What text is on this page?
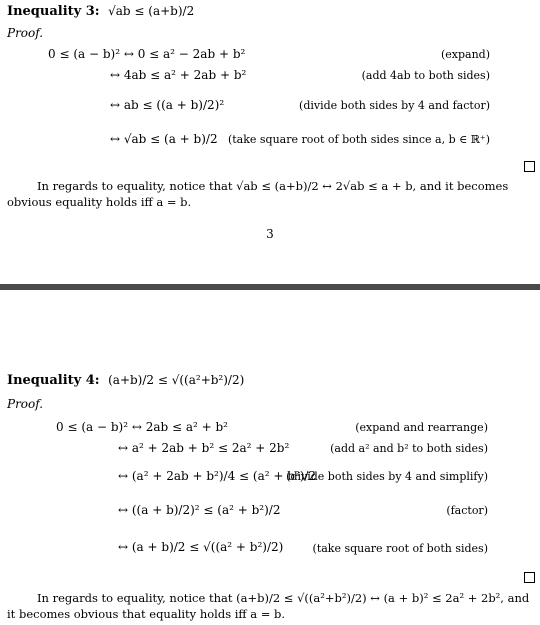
Inequality 3: √ab ≤ (a+b)/2
Proof.
0 ≤ (a − b)² ↔ 0 ≤ a² − 2ab + b²
↔ 4ab ≤ a² + 2ab + b²
↔ ab ≤ ((a + b)/2)²
↔ √ab ≤ (a + b)/2
(expand)
(add 4ab to both sides)
(divide both sides by 4 and factor)
(take square root of both sides since a, b ∈ ℝ⁺)
In regards to equality, notice that √ab ≤ (a+b)/2 ↔ 2√ab ≤ a + b, and it becomes obvious equality holds iff a = b.
3
Inequality 4: (a+b)/2 ≤ √((a²+b²)/2)
Proof.
0 ≤ (a − b)² ↔ 2ab ≤ a² + b²
↔ a² + 2ab + b² ≤ 2a² + 2b²
↔ (a² + 2ab + b²)/4 ≤ (a² + b²)/2
↔ ((a + b)/2)² ≤ (a² + b²)/2
↔ (a + b)/2 ≤ √((a² + b²)/2)
(expand and rearrange)
(add a² and b² to both sides)
(divide both sides by 4 and simplify)
(factor)
(take square root of both sides)
In regards to equality, notice that (a+b)/2 ≤ √((a²+b²)/2) ↔ (a + b)² ≤ 2a² + 2b², and it becomes obvious that equality holds iff a = b.
